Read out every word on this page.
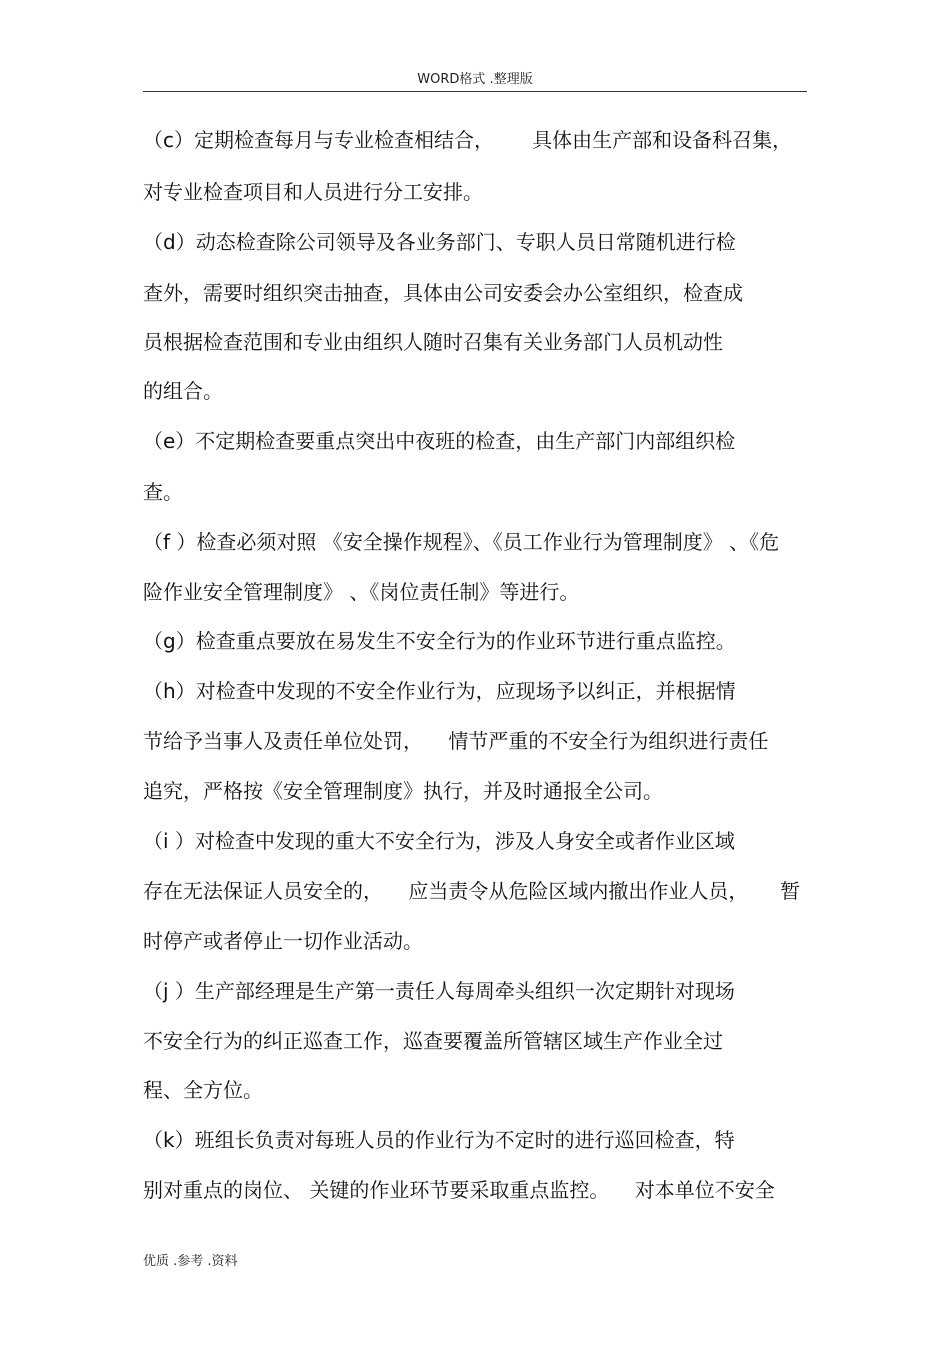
WORD格式 .整理版
（c）定期检查每月与专业检查相结合，      具体由生产部和设备科召集，
对专业检查项目和人员进行分工安排。
（d）动态检查除公司领导及各业务部门、专职人员日常随机进行检
查外，需要时组织突击抽查，具体由公司安委会办公室组织，检查成
员根据检查范围和专业由组织人随时召集有关业务部门人员机动性
的组合。
（e）不定期检查要重点突出中夜班的检查，由生产部门内部组织检
查。
（f ）检查必须对照 《安全操作规程》、《员工作业行为管理制度》 、《危
险作业安全管理制度》 、《岗位责任制》等进行。
（g）检查重点要放在易发生不安全行为的作业环节进行重点监控。
（h）对检查中发现的不安全作业行为，应现场予以纠正，并根据情
节给予当事人及责任单位处罚，    情节严重的不安全行为组织进行责任
追究，严格按《安全管理制度》执行，并及时通报全公司。
（i ）对检查中发现的重大不安全行为，涉及人身安全或者作业区域
存在无法保证人员安全的，    应当责令从危险区域内撤出作业人员，     暂
时停产或者停止一切作业活动。
（j ）生产部经理是生产第一责任人每周牵头组织一次定期针对现场
不安全行为的纠正巡查工作，巡查要覆盖所管辖区域生产作业全过
程、全方位。
（k）班组长负责对每班人员的作业行为不定时的进行巡回检查，特
别对重点的岗位、 关键的作业环节要采取重点监控。    对本单位不安全
优质 .参考 .资料
